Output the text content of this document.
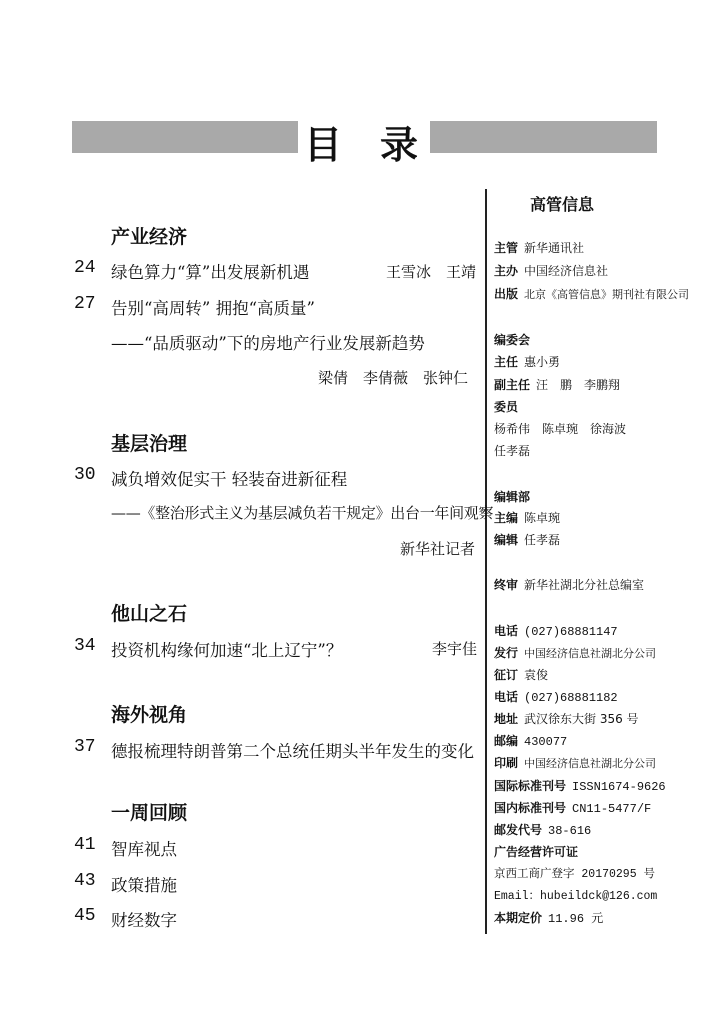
目 录
产业经济
24 绿色算力“算”出发展新机遇	王雪冰　王靖
27 告别“高周转” 拥抱“高质量”
——“品质驱动”下的房地产行业发展新趋势
梁倩　李倩薇　张钟仁
基层治理
30 减负增效促实干 轻装奋进新征程
——《整治形式主义为基层减负若干规定》出台一年间观察
新华社记者
他山之石
34 投资机构缘何加速“北上辽宁”？	李宇佳
海外视角
37 德报梳理特朗普第二个总统任期头半年发生的变化
一周回顾
41 智库视点
43 政策措施
45 财经数字
高管信息
主管 新华通讯社
主办 中国经济信息社
出版 北京《高管信息》期刊社有限公司
编委会
主任 惠小勇
副主任 汪　鹏　李鹏翔
委员
杨希伟　陈卓琬　徐海波
任孝磊
编辑部
主编 陈卓琬
编辑 任孝磊
终审 新华社湖北分社总编室
电话 (027)68881147
发行 中国经济信息社湖北分公司
征订 袁俊
电话 (027)68881182
地址 武汉徐东大街 356 号
邮编 430077
印刷 中国经济信息社湖北分公司
国际标准刊号 ISSN1674-9626
国内标准刊号 CN11-5477/F
邮发代号 38-616
广告经营许可证
京西工商广登字 20170295 号
Email：hubeildck@126.com
本期定价 11.96 元
